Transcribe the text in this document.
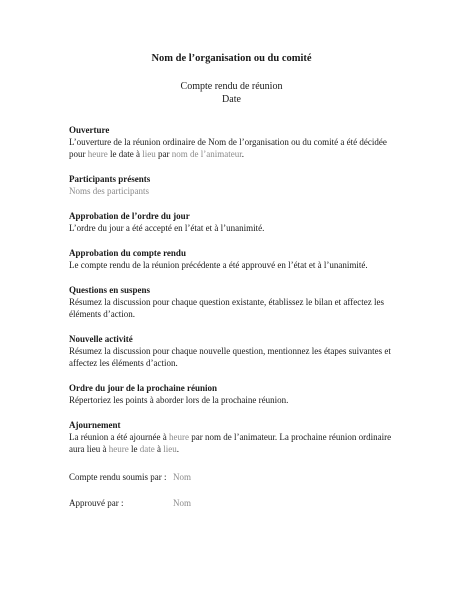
Nom de l’organisation ou du comité
Compte rendu de réunion
Date
Ouverture
L’ouverture de la réunion ordinaire de Nom de l’organisation ou du comité a été décidée pour heure le date à lieu par nom de l’animateur.
Participants présents
Noms des participants
Approbation de l’ordre du jour
L’ordre du jour a été accepté en l’état et à l’unanimité.
Approbation du compte rendu
Le compte rendu de la réunion précédente a été approuvé en l’état et à l’unanimité.
Questions en suspens
Résumez la discussion pour chaque question existante, établissez le bilan et affectez les éléments d’action.
Nouvelle activité
Résumez la discussion pour chaque nouvelle question, mentionnez les étapes suivantes et affectez les éléments d’action.
Ordre du jour de la prochaine réunion
Répertoriez les points à aborder lors de la prochaine réunion.
Ajournement
La réunion a été ajournée à heure par nom de l’animateur. La prochaine réunion ordinaire aura lieu à heure le date à lieu.
Compte rendu soumis par : Nom
Approuvé par :	Nom
